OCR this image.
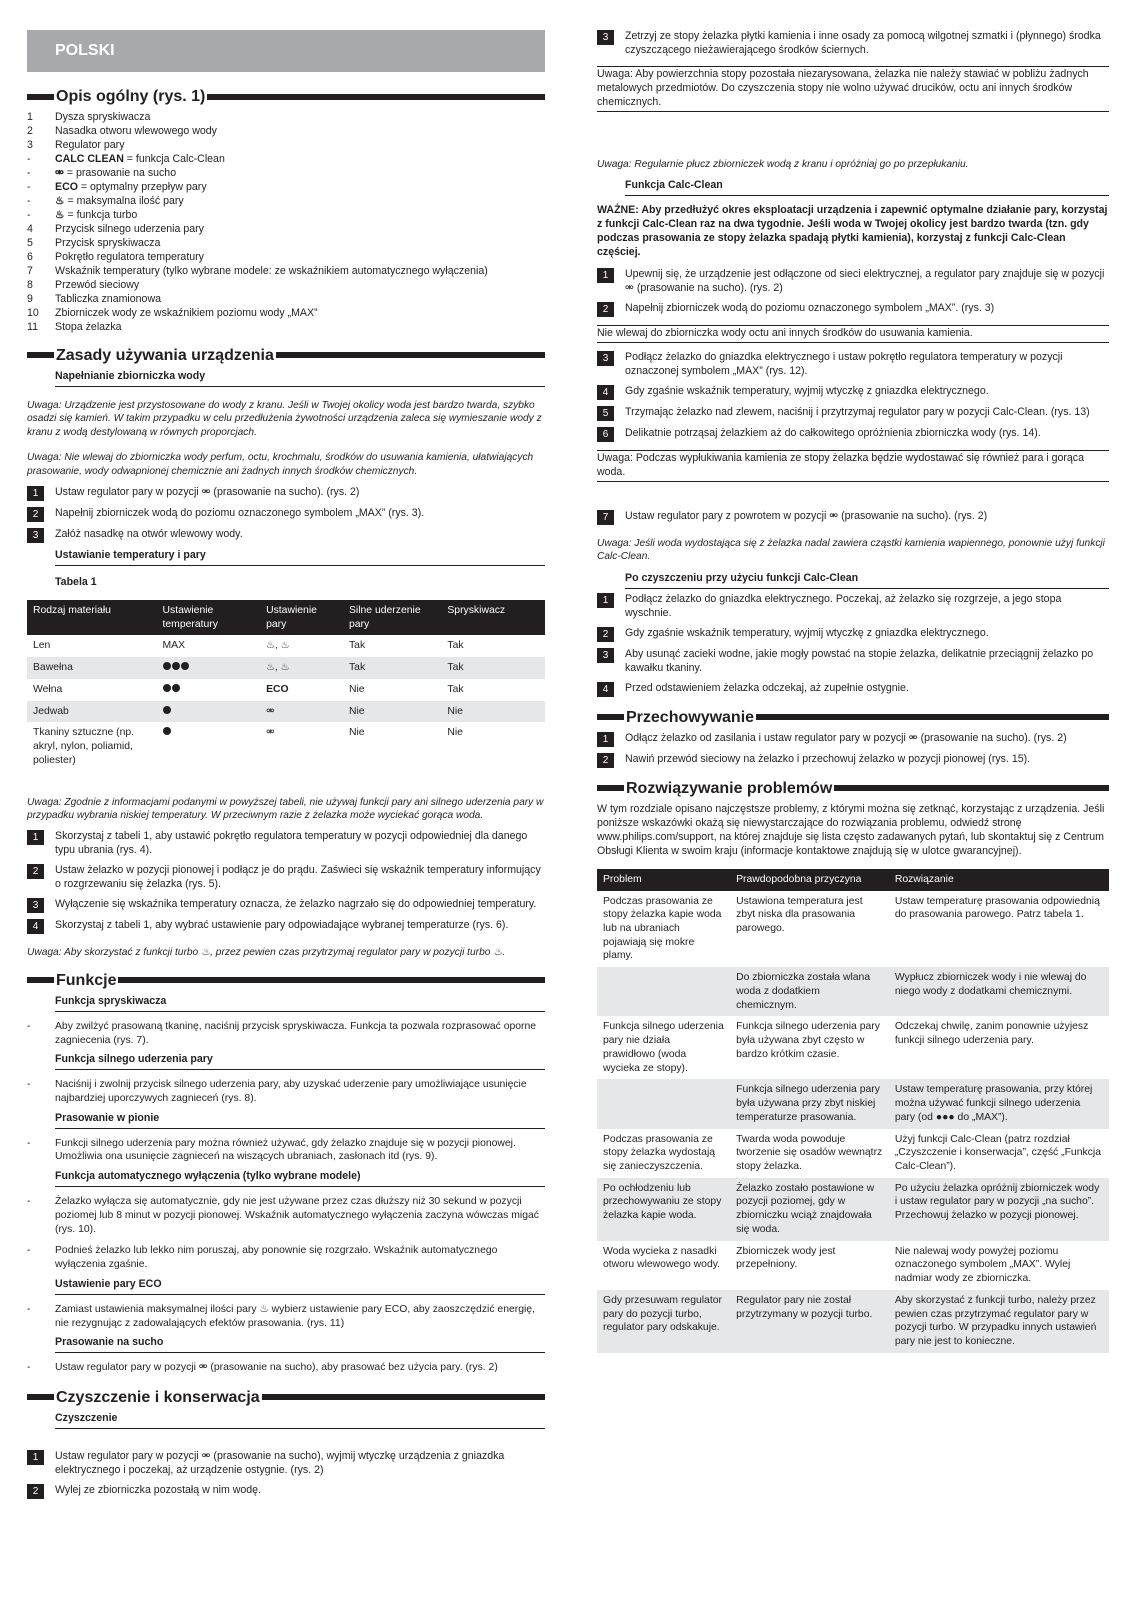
POLSKI
Opis ogólny (rys. 1)
1	Dysza spryskiwacza
2	Nasadka otworu wlewowego wody
3	Regulator pary
-	CALC CLEAN = funkcja Calc-Clean
-	⚮ = prasowanie na sucho
-	ECO = optymalny przepływ pary
-	♨ = maksymalna ilość pary
-	♨ = funkcja turbo
4	Przycisk silnego uderzenia pary
5	Przycisk spryskiwacza
6	Pokrętło regulatora temperatury
7	Wskaźnik temperatury (tylko wybrane modele: ze wskaźnikiem automatycznego wyłączenia)
8	Przewód sieciowy
9	Tabliczka znamionowa
10	Zbiorniczek wody ze wskaźnikiem poziomu wody „MAX”
11	Stopa żelazka
Zasady używania urządzenia
Napełnianie zbiorniczka wody
Uwaga: Urządzenie jest przystosowane do wody z kranu. Jeśli w Twojej okolicy woda jest bardzo twarda, szybko osadzi się kamień. W takim przypadku w celu przedłużenia żywotności urządzenia zaleca się wymieszanie wody z kranu z wodą destylowaną w równych proporcjach.
Uwaga: Nie wlewaj do zbiorniczka wody perfum, octu, krochmalu, środków do usuwania kamienia, ułatwiających prasowanie, wody odwapnionej chemicznie ani żadnych innych środków chemicznych.
1	Ustaw regulator pary w pozycji ⚮ (prasowanie na sucho). (rys. 2)
2	Napełnij zbiorniczek wodą do poziomu oznaczonego symbolem „MAX” (rys. 3).
3	Załóż nasadkę na otwór wlewowy wody.
Ustawianie temperatury i pary
Tabela 1
Rodzaj materiału	Ustawienie temperatury	Ustawienie pary	Silne uderzenie pary	Spryskiwacz
Len	MAX	♨, ♨	Tak	Tak
Bawełna		♨, ♨	Tak	Tak
Wełna		ECO	Nie	Tak
Jedwab		⚮	Nie	Nie
Tkaniny sztuczne (np. akryl, nylon, poliamid, poliester)		⚮	Nie	Nie
Uwaga: Zgodnie z informacjami podanymi w powyższej tabeli, nie używaj funkcji pary ani silnego uderzenia pary w przypadku wybrania niskiej temperatury. W przeciwnym razie z żelazka może wyciekać gorąca woda.
1	Skorzystaj z tabeli 1, aby ustawić pokrętło regulatora temperatury w pozycji odpowiedniej dla danego typu ubrania (rys. 4).
2	Ustaw żelazko w pozycji pionowej i podłącz je do prądu. Zaświeci się wskaźnik temperatury informujący o rozgrzewaniu się żelazka (rys. 5).
3	Wyłączenie się wskaźnika temperatury oznacza, że żelazko nagrzało się do odpowiedniej temperatury.
4	Skorzystaj z tabeli 1, aby wybrać ustawienie pary odpowiadające wybranej temperaturze (rys. 6).
Uwaga: Aby skorzystać z funkcji turbo ♨, przez pewien czas przytrzymaj regulator pary w pozycji turbo ♨.
Funkcje
Funkcja spryskiwacza
-	Aby zwilżyć prasowaną tkaninę, naciśnij przycisk spryskiwacza. Funkcja ta pozwala rozprasować oporne zagniecenia (rys. 7).
Funkcja silnego uderzenia pary
-	Naciśnij i zwolnij przycisk silnego uderzenia pary, aby uzyskać uderzenie pary umożliwiające usunięcie najbardziej uporczywych zagnieceń (rys. 8).
Prasowanie w pionie
-	Funkcji silnego uderzenia pary można również używać, gdy żelazko znajduje się w pozycji pionowej. Umożliwia ona usunięcie zagnieceń na wiszących ubraniach, zasłonach itd (rys. 9).
Funkcja automatycznego wyłączenia (tylko wybrane modele)
-	Żelazko wyłącza się automatycznie, gdy nie jest używane przez czas dłuższy niż 30 sekund w pozycji poziomej lub 8 minut w pozycji pionowej. Wskaźnik automatycznego wyłączenia zaczyna wówczas migać (rys. 10).
-	Podnieś żelazko lub lekko nim poruszaj, aby ponownie się rozgrzało. Wskaźnik automatycznego wyłączenia zgaśnie.
Ustawienie pary ECO
-	Zamiast ustawienia maksymalnej ilości pary ♨ wybierz ustawienie pary ECO, aby zaoszczędzić energię, nie rezygnując z zadowalających efektów prasowania. (rys. 11)
Prasowanie na sucho
-	Ustaw regulator pary w pozycji ⚮ (prasowanie na sucho), aby prasować bez użycia pary. (rys. 2)
Czyszczenie i konserwacja
Czyszczenie
1	Ustaw regulator pary w pozycji ⚮ (prasowanie na sucho), wyjmij wtyczkę urządzenia z gniazdka elektrycznego i poczekaj, aż urządzenie ostygnie. (rys. 2)
2	Wylej ze zbiorniczka pozostałą w nim wodę.
3	Zetrzyj ze stopy żelazka płytki kamienia i inne osady za pomocą wilgotnej szmatki i (płynnego) środka czyszczącego nieżawierającego środków ściernych.
Uwaga: Aby powierzchnia stopy pozostała niezarysowana, żelazka nie należy stawiać w pobliżu żadnych metalowych przedmiotów. Do czyszczenia stopy nie wolno używać drucików, octu ani innych środków chemicznych.
Uwaga: Regularnie płucz zbiorniczek wodą z kranu i opróżniaj go po przepłukaniu.
Funkcja Calc-Clean
WAŻNE: Aby przedłużyć okres eksploatacji urządzenia i zapewnić optymalne działanie pary, korzystaj z funkcji Calc-Clean raz na dwa tygodnie. Jeśli woda w Twojej okolicy jest bardzo twarda (tzn. gdy podczas prasowania ze stopy żelazka spadają płytki kamienia), korzystaj z funkcji Calc-Clean częściej.
1	Upewnij się, że urządzenie jest odłączone od sieci elektrycznej, a regulator pary znajduje się w pozycji ⚮ (prasowanie na sucho). (rys. 2)
2	Napełnij zbiorniczek wodą do poziomu oznaczonego symbolem „MAX”. (rys. 3)
Nie wlewaj do zbiorniczka wody octu ani innych środków do usuwania kamienia.
3	Podłącz żelazko do gniazdka elektrycznego i ustaw pokrętło regulatora temperatury w pozycji oznaczonej symbolem „MAX” (rys. 12).
4	Gdy zgaśnie wskaźnik temperatury, wyjmij wtyczkę z gniazdka elektrycznego.
5	Trzymając żelazko nad zlewem, naciśnij i przytrzymaj regulator pary w pozycji Calc-Clean. (rys. 13)
6	Delikatnie potrząsaj żelazkiem aż do całkowitego opróżnienia zbiorniczka wody (rys. 14).
Uwaga: Podczas wypłukiwania kamienia ze stopy żelazka będzie wydostawać się również para i gorąca woda.
7	Ustaw regulator pary z powrotem w pozycji ⚮ (prasowanie na sucho). (rys. 2)
Uwaga: Jeśli woda wydostająca się z żelazka nadal zawiera cząstki kamienia wapiennego, ponownie użyj funkcji Calc-Clean.
Po czyszczeniu przy użyciu funkcji Calc-Clean
1	Podłącz żelazko do gniazdka elektrycznego. Poczekaj, aż żelazko się rozgrzeje, a jego stopa wyschnie.
2	Gdy zgaśnie wskaźnik temperatury, wyjmij wtyczkę z gniazdka elektrycznego.
3	Aby usunąć zacieki wodne, jakie mogły powstać na stopie żelazka, delikatnie przeciągnij żelazko po kawałku tkaniny.
4	Przed odstawieniem żelazka odczekaj, aż zupełnie ostygnie.
Przechowywanie
1	Odłącz żelazko od zasilania i ustaw regulator pary w pozycji ⚮ (prasowanie na sucho). (rys. 2)
2	Nawiń przewód sieciowy na żelazko i przechowuj żelazko w pozycji pionowej (rys. 15).
Rozwiązywanie problemów
W tym rozdziale opisano najczęstsze problemy, z którymi można się zetknąć, korzystając z urządzenia. Jeśli poniższe wskazówki okażą się niewystarczające do rozwiązania problemu, odwiedź stronę www.philips.com/support, na której znajduje się lista często zadawanych pytań, lub skontaktuj się z Centrum Obsługi Klienta w swoim kraju (informacje kontaktowe znajdują się w ulotce gwarancyjnej).
Problem	Prawdopodobna przyczyna	Rozwiązanie
Podczas prasowania ze stopy żelazka kapie woda lub na ubraniach pojawiają się mokre plamy.	Ustawiona temperatura jest zbyt niska dla prasowania parowego.	Ustaw temperaturę prasowania odpowiednią do prasowania parowego. Patrz tabela 1.
	Do zbiorniczka została wlana woda z dodatkiem chemicznym.	Wypłucz zbiorniczek wody i nie wlewaj do niego wody z dodatkami chemicznymi.
Funkcja silnego uderzenia pary nie działa prawidłowo (woda wycieka ze stopy).	Funkcja silnego uderzenia pary była używana zbyt często w bardzo krótkim czasie.	Odczekaj chwilę, zanim ponownie użyjesz funkcji silnego uderzenia pary.
	Funkcja silnego uderzenia pary była używana przy zbyt niskiej temperaturze prasowania.	Ustaw temperaturę prasowania, przy której można używać funkcji silnego uderzenia pary (od ●●● do „MAX”).
Podczas prasowania ze stopy żelazka wydostają się zanieczyszczenia.	Twarda woda powoduje tworzenie się osadów wewnątrz stopy żelazka.	Użyj funkcji Calc-Clean (patrz rozdział „Czyszczenie i konserwacja”, część „Funkcja Calc-Clean”).
Po ochłodzeniu lub przechowywaniu ze stopy żelazka kapie woda.	Żelazko zostało postawione w pozycji poziomej, gdy w zbiorniczku wciąż znajdowała się woda.	Po użyciu żelazka opróżnij zbiorniczek wody i ustaw regulator pary w pozycji „na sucho”. Przechowuj żelazko w pozycji pionowej.
Woda wycieka z nasadki otworu wlewowego wody.	Zbiorniczek wody jest przepełniony.	Nie nalewaj wody powyżej poziomu oznaczonego symbolem „MAX”. Wylej nadmiar wody ze zbiorniczka.
Gdy przesuwam regulator pary do pozycji turbo, regulator pary odskakuje.	Regulator pary nie został przytrzymany w pozycji turbo.	Aby skorzystać z funkcji turbo, należy przez pewien czas przytrzymać regulator pary w pozycji turbo. W przypadku innych ustawień pary nie jest to konieczne.
